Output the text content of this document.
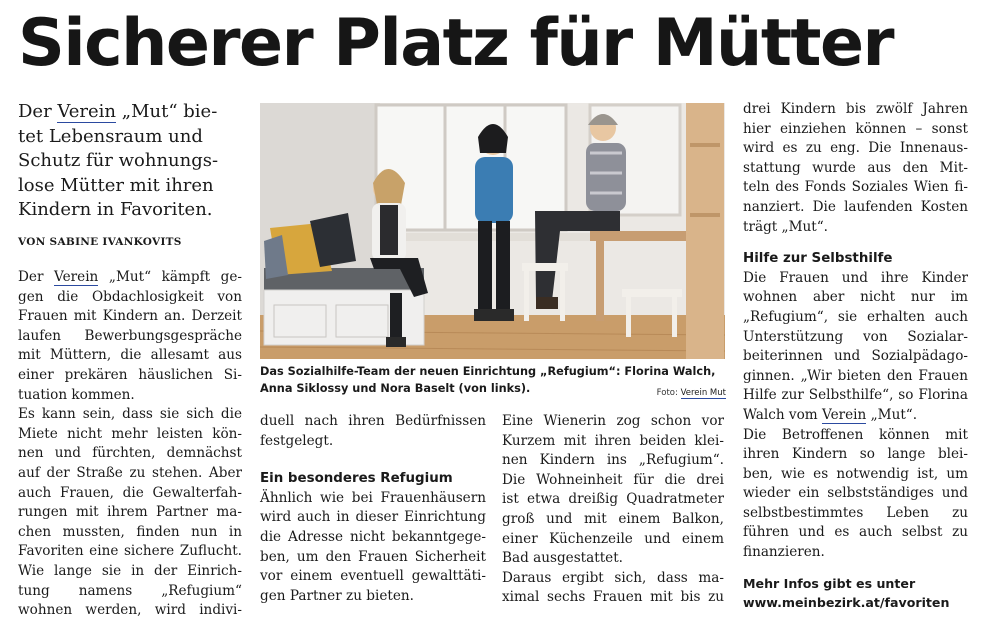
Sicherer Platz für Mütter
Der Verein „Mut“ bie-
tet Lebensraum und
Schutz für wohnungs-
lose Mütter mit ihren
Kindern in Favoriten.
VON SABINE IVANKOVITS

Der Verein „Mut“ kämpft ge-
gen die Obdachlosigkeit von
Frauen mit Kindern an. Derzeit
laufen Bewerbungsgespräche
mit Müttern, die allesamt aus
einer prekären häuslichen Si-
tuation kommen.

Es kann sein, dass sie sich die
Miete nicht mehr leisten kön-
nen und fürchten, demnächst
auf der Straße zu stehen. Aber
auch Frauen, die Gewalterfah-
rungen mit ihrem Partner ma-
chen mussten, finden nun in
Favoriten eine sichere Zuflucht.
Wie lange sie in der Einrich-
tung namens „Refugium“
wohnen werden, wird indivi-

Das Sozialhilfe-Team der neuen Einrichtung „Refugium“: Florina Walch,
Anna Siklossy und Nora Baselt (von links).	Foto: Verein Mut

duell nach ihren Bedürfnissen
festgelegt.

Ein besonderes Refugium

Ähnlich wie bei Frauenhäusern
wird auch in dieser Einrichtung
die Adresse nicht bekanntgege-
ben, um den Frauen Sicherheit
vor einem eventuell gewalttäti-
gen Partner zu bieten.

Eine Wienerin zog schon vor
Kurzem mit ihren beiden klei-
nen Kindern ins „Refugium“.
Die Wohneinheit für die drei
ist etwa dreißig Quadratmeter
groß und mit einem Balkon,
einer Küchenzeile und einem
Bad ausgestattet.

Daraus ergibt sich, dass ma-
ximal sechs Frauen mit bis zu

drei Kindern bis zwölf Jahren
hier einziehen können – sonst
wird es zu eng. Die Innenaus-
stattung wurde aus den Mit-
teln des Fonds Soziales Wien fi-
nanziert. Die laufenden Kosten
trägt „Mut“.

Hilfe zur Selbsthilfe

Die Frauen und ihre Kinder
wohnen aber nicht nur im
„Refugium“, sie erhalten auch
Unterstützung von Sozialar-
beiterinnen und Sozialpädago-
ginnen. „Wir bieten den Frauen
Hilfe zur Selbsthilfe“, so Florina
Walch vom Verein „Mut“.

Die Betroffenen können mit
ihren Kindern so lange blei-
ben, wie es notwendig ist, um
wieder ein selbstständiges und
selbstbestimmtes Leben zu
führen und es auch selbst zu
finanzieren.

Mehr Infos gibt es unter
www.meinbezirk.at/favoriten
